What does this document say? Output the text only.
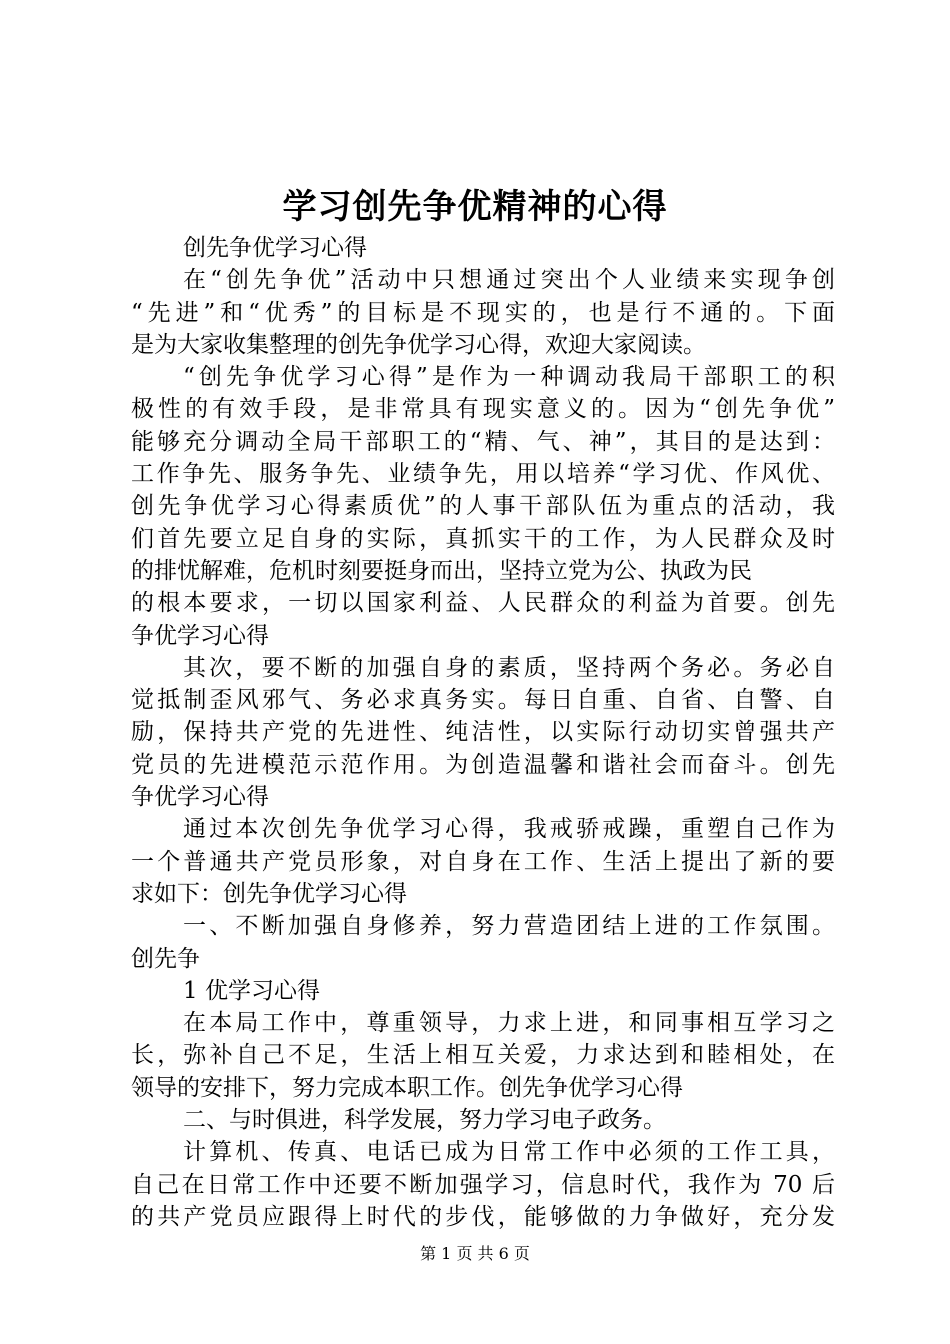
学习创先争优精神的心得
创先争优学习心得
在“创先争优”活动中只想通过突出个人业绩来实现争创
“先进”和“优秀”的目标是不现实的，也是行不通的。下面
是为大家收集整理的创先争优学习心得，欢迎大家阅读。
“创先争优学习心得”是作为一种调动我局干部职工的积
极性的有效手段，是非常具有现实意义的。因为“创先争优”
能够充分调动全局干部职工的“精、气、神”，其目的是达到：
工作争先、服务争先、业绩争先，用以培养“学习优、作风优、
创先争优学习心得素质优”的人事干部队伍为重点的活动，我
们首先要立足自身的实际，真抓实干的工作，为人民群众及时
的排忧解难，危机时刻要挺身而出，坚持立党为公、执政为民
的根本要求，一切以国家利益、人民群众的利益为首要。创先
争优学习心得
其次，要不断的加强自身的素质，坚持两个务必。务必自
觉抵制歪风邪气、务必求真务实。每日自重、自省、自警、自
励，保持共产党的先进性、纯洁性，以实际行动切实曾强共产
党员的先进模范示范作用。为创造温馨和谐社会而奋斗。创先
争优学习心得
通过本次创先争优学习心得，我戒骄戒躁，重塑自己作为
一个普通共产党员形象，对自身在工作、生活上提出了新的要
求如下：创先争优学习心得
一、不断加强自身修养，努力营造团结上进的工作氛围。
创先争
1 优学习心得
在本局工作中，尊重领导，力求上进，和同事相互学习之
长，弥补自己不足，生活上相互关爱，力求达到和睦相处，在
领导的安排下，努力完成本职工作。创先争优学习心得
二、与时俱进，科学发展，努力学习电子政务。
计算机、传真、电话已成为日常工作中必须的工作工具，
自己在日常工作中还要不断加强学习，信息时代，我作为 70 后
的共产党员应跟得上时代的步伐，能够做的力争做好，充分发
第 1 页 共 6 页
